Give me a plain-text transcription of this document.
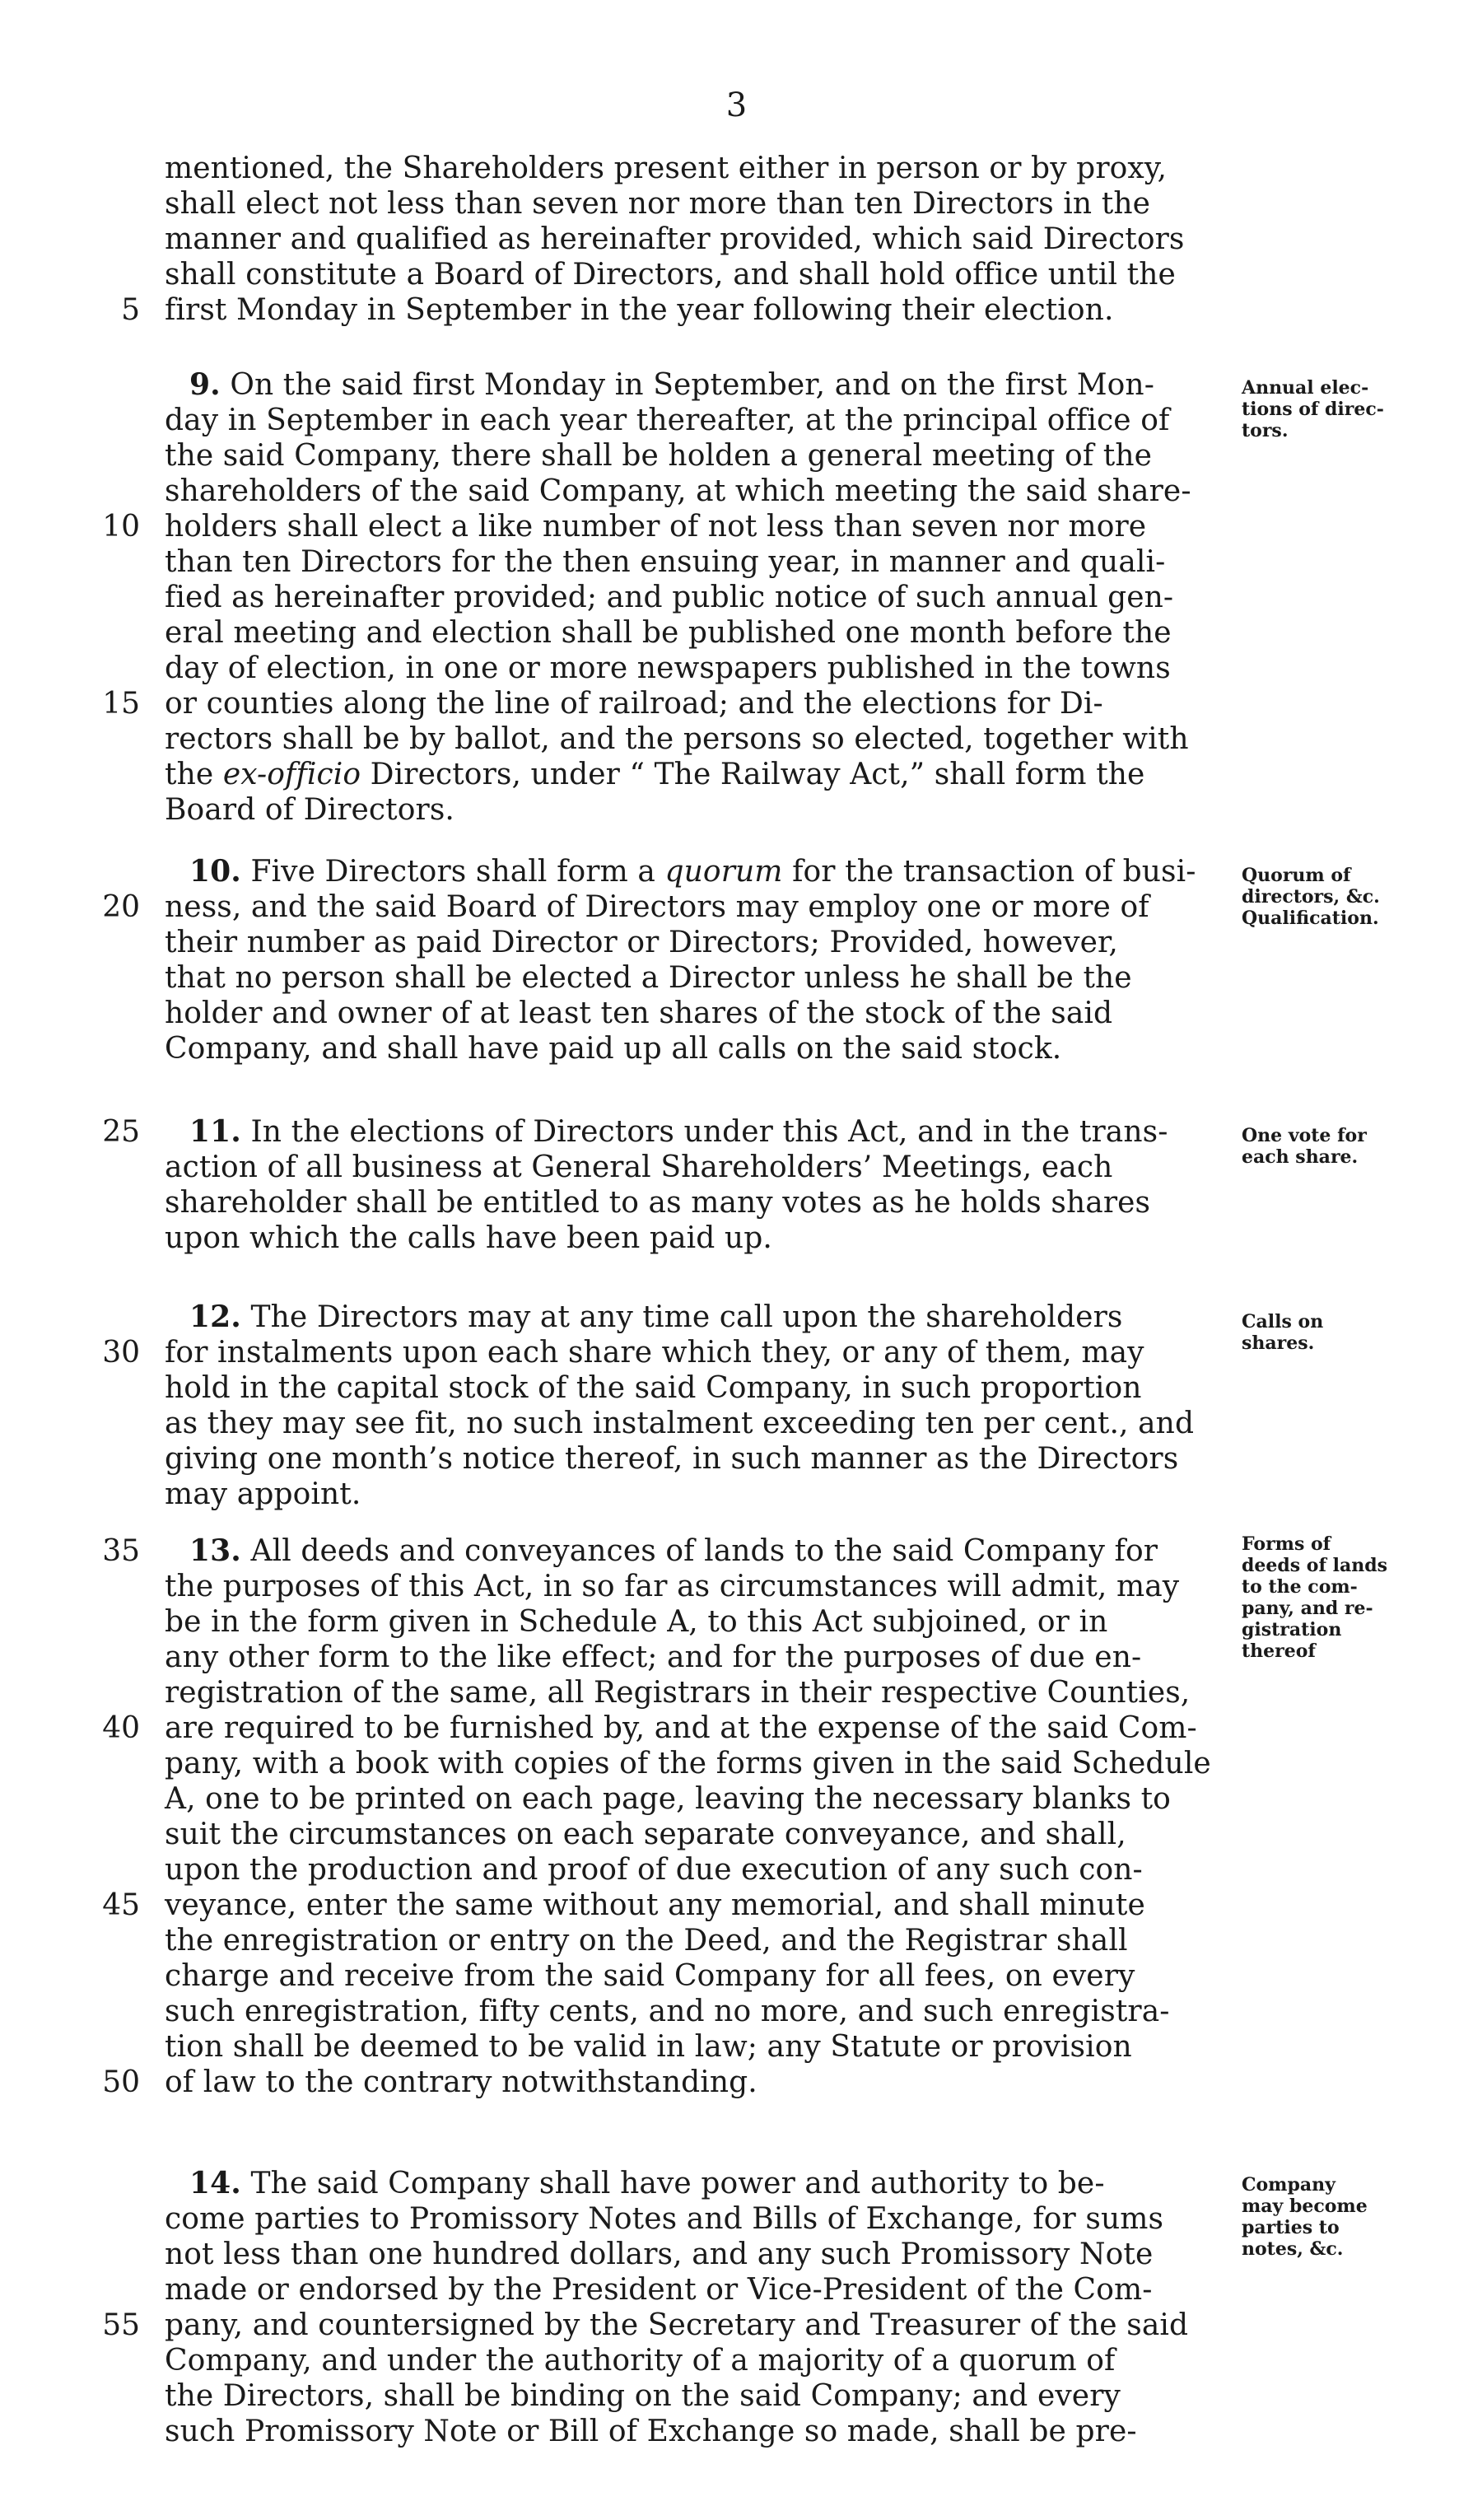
3
mentioned, the Shareholders present either in person or by proxy,
shall elect not less than seven nor more than ten Directors in the
manner and qualified as hereinafter provided, which said Directors
shall constitute a Board of Directors, and shall hold office until the
first Monday in September in the year following their election.
9. On the said first Monday in September, and on the first Mon-
day in September in each year thereafter, at the principal office of
the said Company, there shall be holden a general meeting of the
shareholders of the said Company, at which meeting the said share-
holders shall elect a like number of not less than seven nor more
than ten Directors for the then ensuing year, in manner and quali-
fied as hereinafter provided; and public notice of such annual gen-
eral meeting and election shall be published one month before the
day of election, in one or more newspapers published in the towns
or counties along the line of railroad; and the elections for Di-
rectors shall be by ballot, and the persons so elected, together with
the ex-officio Directors, under “ The Railway Act,” shall form the
Board of Directors.
Annual elec-
tions of direc-
tors.
10. Five Directors shall form a quorum for the transaction of busi-
ness, and the said Board of Directors may employ one or more of
their number as paid Director or Directors; Provided, however,
that no person shall be elected a Director unless he shall be the
holder and owner of at least ten shares of the stock of the said
Company, and shall have paid up all calls on the said stock.
Quorum of
directors, &c.
Qualification.
11. In the elections of Directors under this Act, and in the trans-
action of all business at General Shareholders’ Meetings, each
shareholder shall be entitled to as many votes as he holds shares
upon which the calls have been paid up.
One vote for
each share.
12. The Directors may at any time call upon the shareholders
for instalments upon each share which they, or any of them, may
hold in the capital stock of the said Company, in such proportion
as they may see fit, no such instalment exceeding ten per cent., and
giving one month’s notice thereof, in such manner as the Directors
may appoint.
Calls on
shares.
13. All deeds and conveyances of lands to the said Company for
the purposes of this Act, in so far as circumstances will admit, may
be in the form given in Schedule A, to this Act subjoined, or in
any other form to the like effect; and for the purposes of due en-
registration of the same, all Registrars in their respective Counties,
are required to be furnished by, and at the expense of the said Com-
pany, with a book with copies of the forms given in the said Schedule
A, one to be printed on each page, leaving the necessary blanks to
suit the circumstances on each separate conveyance, and shall,
upon the production and proof of due execution of any such con-
veyance, enter the same without any memorial, and shall minute
the enregistration or entry on the Deed, and the Registrar shall
charge and receive from the said Company for all fees, on every
such enregistration, fifty cents, and no more, and such enregistra-
tion shall be deemed to be valid in law; any Statute or provision
of law to the contrary notwithstanding.
Forms of
deeds of lands
to the com-
pany, and re-
gistration
thereof
14. The said Company shall have power and authority to be-
come parties to Promissory Notes and Bills of Exchange, for sums
not less than one hundred dollars, and any such Promissory Note
made or endorsed by the President or Vice-President of the Com-
pany, and countersigned by the Secretary and Treasurer of the said
Company, and under the authority of a majority of a quorum of
the Directors, shall be binding on the said Company; and every
such Promissory Note or Bill of Exchange so made, shall be pre-
Company
may become
parties to
notes, &c.
5
10
15
20
25
30
35
40
45
50
55
